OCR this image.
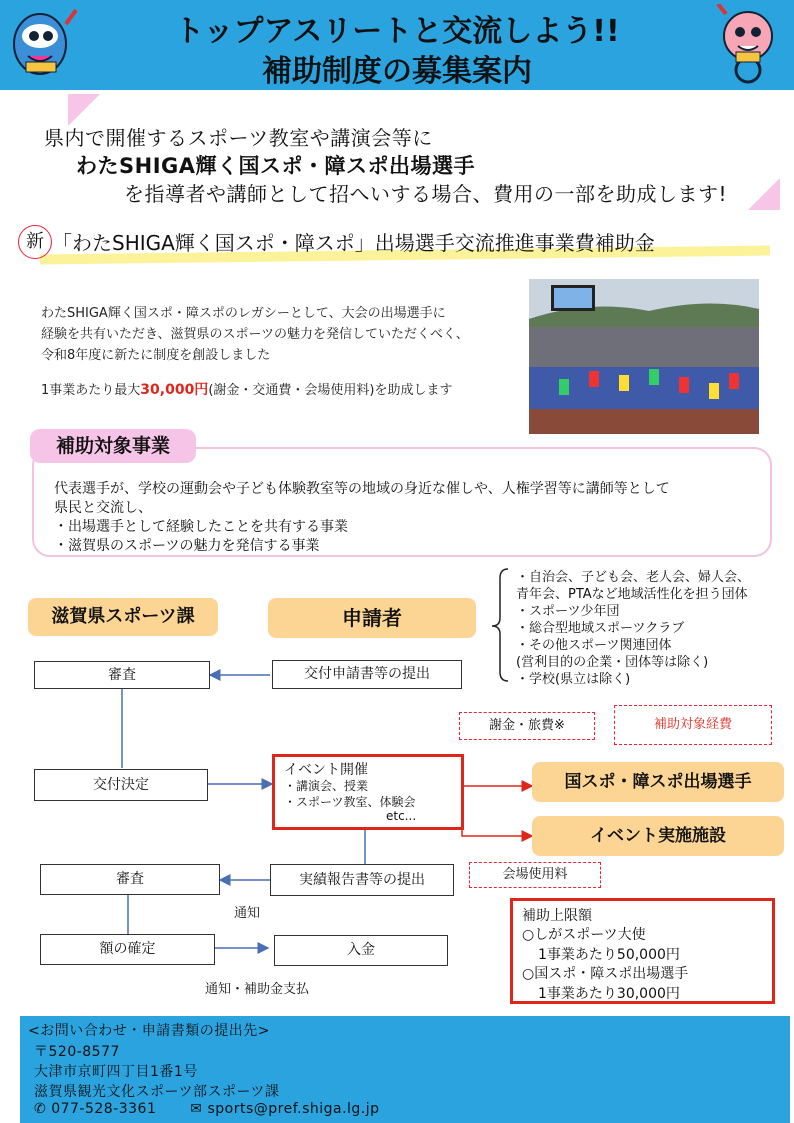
トップアスリートと交流しよう!!
補助制度の募集案内
県内で開催するスポーツ教室や講演会等に
わたSHIGA輝く国スポ・障スポ出場選手
を指導者や講師として招へいする場合、費用の一部を助成します!
新 「わたSHIGA輝く国スポ・障スポ」出場選手交流推進事業費補助金
わたSHIGA輝く国スポ・障スポのレガシーとして、大会の出場選手に
経験を共有いただき、滋賀県のスポーツの魅力を発信していただくべく、
令和8年度に新たに制度を創設しました
1事業あたり最大30,000円(謝金・交通費・会場使用料)を助成します
補助対象事業
代表選手が、学校の運動会や子ども体験教室等の地域の身近な催しや、人権学習等に講師等として
県民と交流し、
・出場選手として経験したことを共有する事業
・滋賀県のスポーツの魅力を発信する事業
滋賀県スポーツ課	申請者
・自治会、子ども会、老人会、婦人会、
青年会、PTAなど地域活性化を担う団体
・スポーツ少年団
・総合型地域スポーツクラブ
・その他スポーツ関連団体
(営利目的の企業・団体等は除く)
・学校(県立は除く)
審査	交付申請書等の提出
謝金・旅費※	補助対象経費
交付決定
イベント開催
・講演会、授業
・スポーツ教室、体験会
etc...
国スポ・障スポ出場選手
イベント実施施設
審査	実績報告書等の提出	会場使用料
通知
額の確定	入金
通知・補助金支払
補助上限額
○しがスポーツ大使
1事業あたり50,000円
○国スポ・障スポ出場選手
1事業あたり30,000円
<お問い合わせ・申請書類の提出先>
〒520-8577
大津市京町四丁目1番1号
滋賀県観光文化スポーツ部スポーツ課
✆ 077-528-3361 ✉ sports@pref.shiga.lg.jp
